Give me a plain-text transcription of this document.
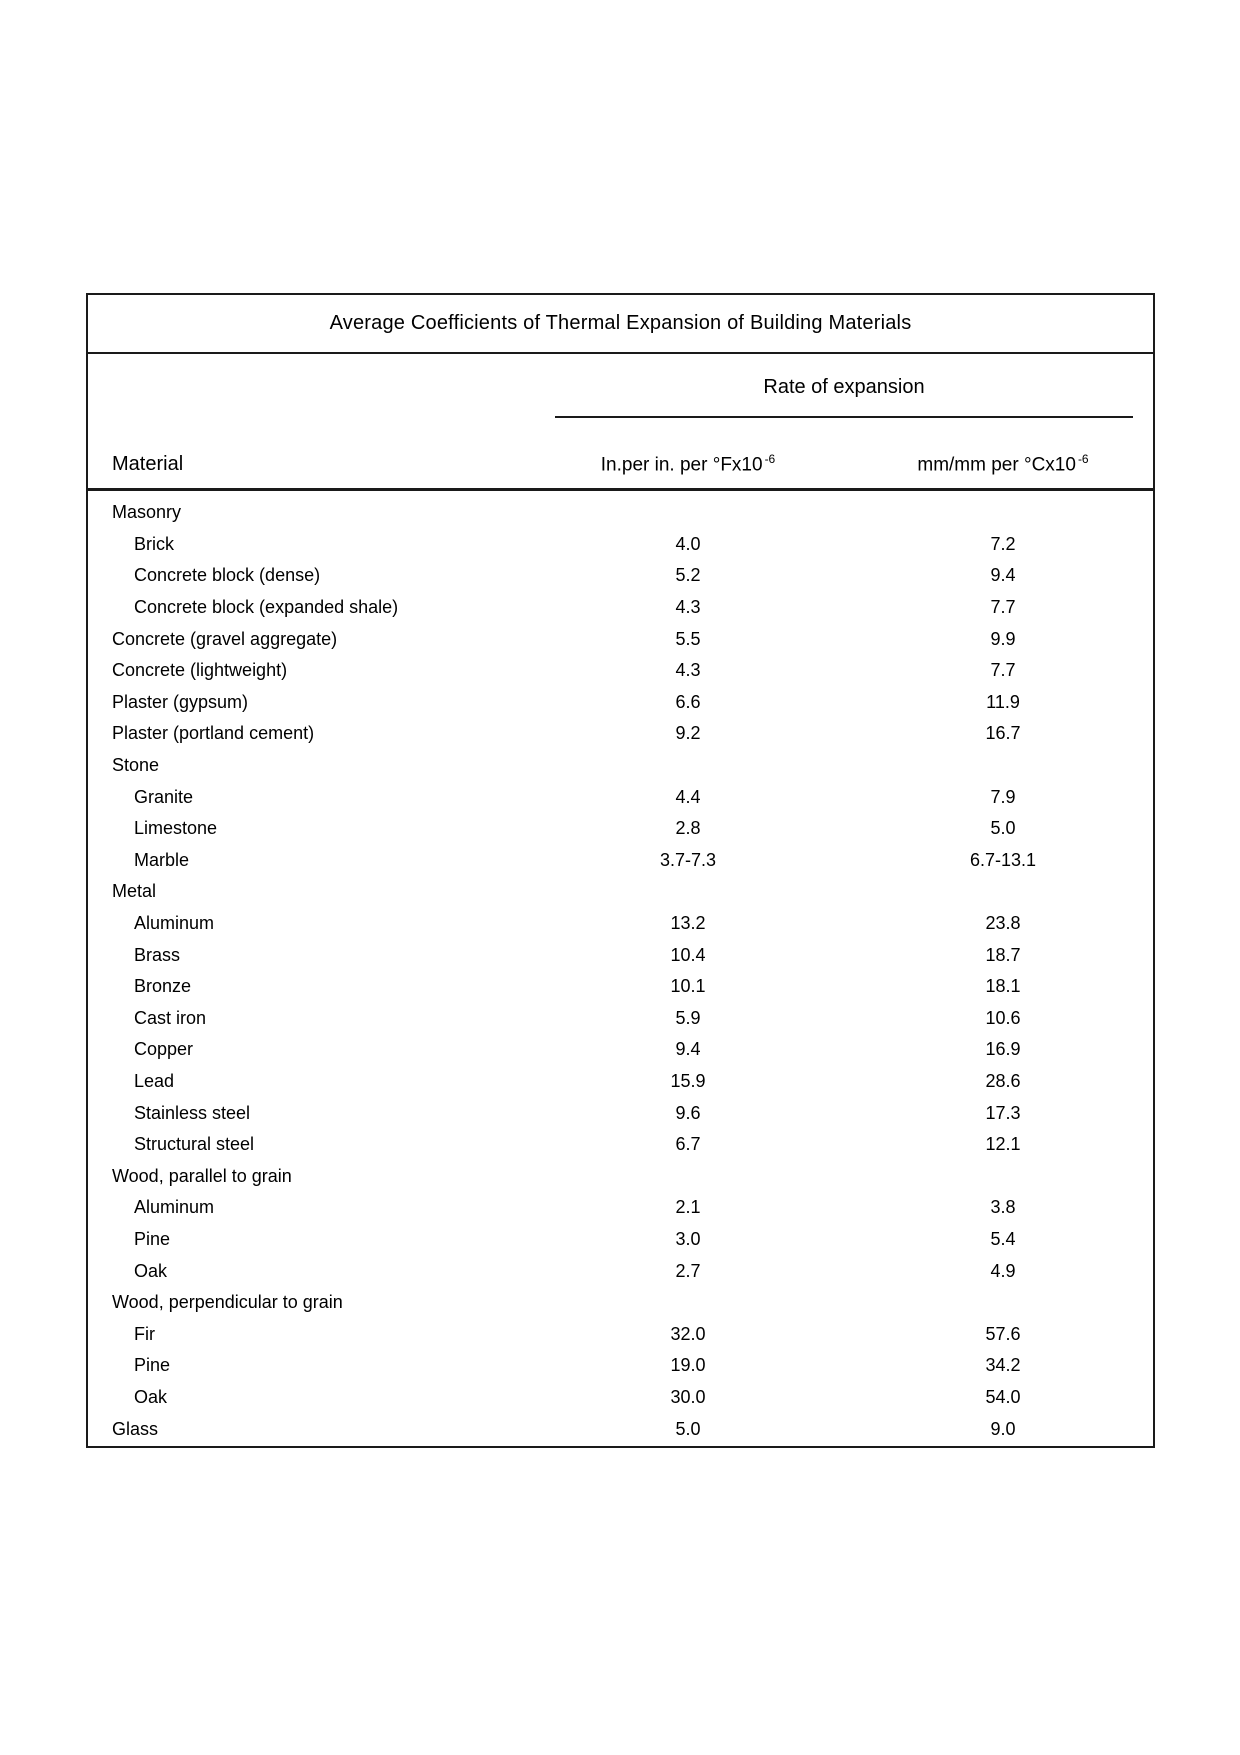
Average Coefficients of Thermal Expansion of Building Materials
Rate of expansion
Material	In.per in. per °Fx10 $^{-6}$	mm/mm per °Cx10 $^{-6}$
Masonry
Brick	4.0	7.2
Concrete block (dense)	5.2	9.4
Concrete block (expanded shale)	4.3	7.7
Concrete (gravel aggregate)	5.5	9.9
Concrete (lightweight)	4.3	7.7
Plaster (gypsum)	6.6	11.9
Plaster (portland cement)	9.2	16.7
Stone
Granite	4.4	7.9
Limestone	2.8	5.0
Marble	3.7-7.3	6.7-13.1
Metal
Aluminum	13.2	23.8
Brass	10.4	18.7
Bronze	10.1	18.1
Cast iron	5.9	10.6
Copper	9.4	16.9
Lead	15.9	28.6
Stainless steel	9.6	17.3
Structural steel	6.7	12.1
Wood, parallel to grain
Aluminum	2.1	3.8
Pine	3.0	5.4
Oak	2.7	4.9
Wood, perpendicular to grain
Fir	32.0	57.6
Pine	19.0	34.2
Oak	30.0	54.0
Glass	5.0	9.0
